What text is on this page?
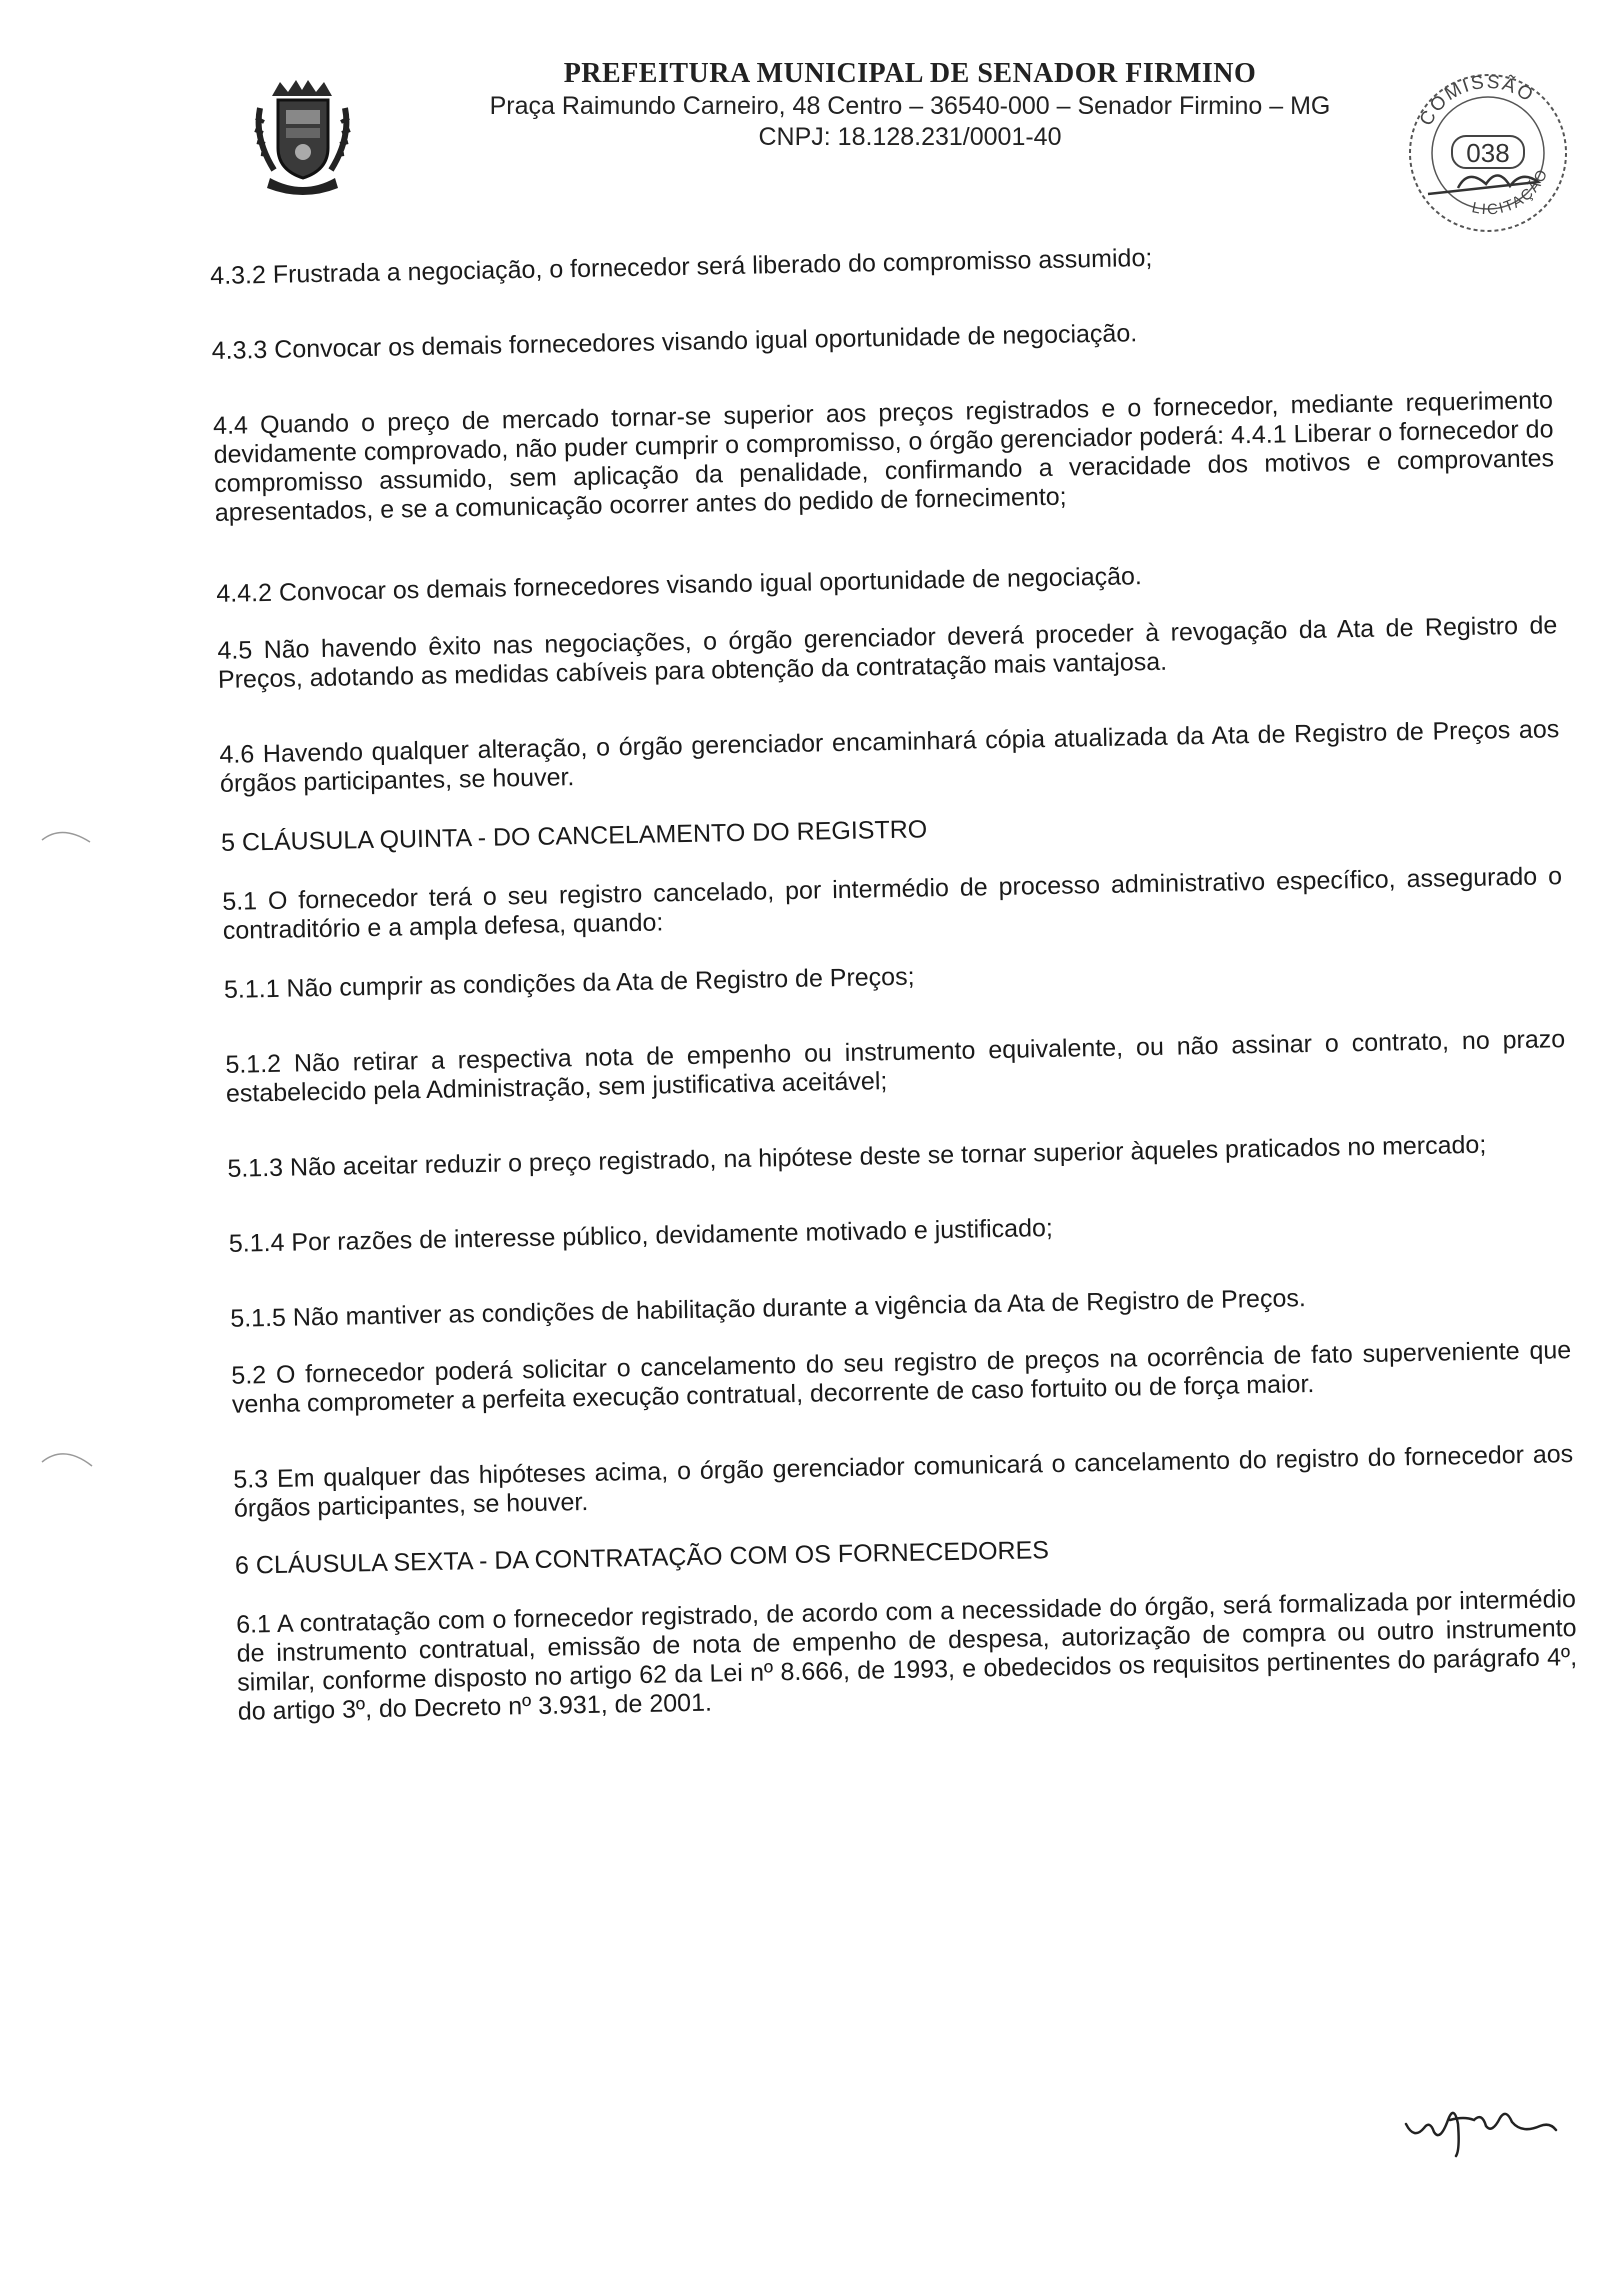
PREFEITURA MUNICIPAL DE SENADOR FIRMINO
Praça Raimundo Carneiro, 48 Centro – 36540-000 – Senador Firmino – MG
CNPJ: 18.128.231/0001-40
COMISSÃO
LICITAÇÃO
038

4.3.2 Frustrada a negociação, o fornecedor será liberado do compromisso assumido;

4.3.3 Convocar os demais fornecedores visando igual oportunidade de negociação.

4.4 Quando o preço de mercado tornar-se superior aos preços registrados e o fornecedor, mediante requerimento devidamente comprovado, não puder cumprir o compromisso, o órgão gerenciador poderá: 4.4.1 Liberar o fornecedor do compromisso assumido, sem aplicação da penalidade, confirmando a veracidade dos motivos e comprovantes apresentados, e se a comunicação ocorrer antes do pedido de fornecimento;

4.4.2 Convocar os demais fornecedores visando igual oportunidade de negociação.

4.5 Não havendo êxito nas negociações, o órgão gerenciador deverá proceder à revogação da Ata de Registro de Preços, adotando as medidas cabíveis para obtenção da contratação mais vantajosa.

4.6 Havendo qualquer alteração, o órgão gerenciador encaminhará cópia atualizada da Ata de Registro de Preços aos órgãos participantes, se houver.

5 CLÁUSULA QUINTA - DO CANCELAMENTO DO REGISTRO

5.1 O fornecedor terá o seu registro cancelado, por intermédio de processo administrativo específico, assegurado o contraditório e a ampla defesa, quando:

5.1.1 Não cumprir as condições da Ata de Registro de Preços;

5.1.2 Não retirar a respectiva nota de empenho ou instrumento equivalente, ou não assinar o contrato, no prazo estabelecido pela Administração, sem justificativa aceitável;

5.1.3 Não aceitar reduzir o preço registrado, na hipótese deste se tornar superior àqueles praticados no mercado;

5.1.4 Por razões de interesse público, devidamente motivado e justificado;

5.1.5 Não mantiver as condições de habilitação durante a vigência da Ata de Registro de Preços.

5.2 O fornecedor poderá solicitar o cancelamento do seu registro de preços na ocorrência de fato superveniente que venha comprometer a perfeita execução contratual, decorrente de caso fortuito ou de força maior.

5.3 Em qualquer das hipóteses acima, o órgão gerenciador comunicará o cancelamento do registro do fornecedor aos órgãos participantes, se houver.

6 CLÁUSULA SEXTA - DA CONTRATAÇÃO COM OS FORNECEDORES

6.1 A contratação com o fornecedor registrado, de acordo com a necessidade do órgão, será formalizada por intermédio de instrumento contratual, emissão de nota de empenho de despesa, autorização de compra ou outro instrumento similar, conforme disposto no artigo 62 da Lei nº 8.666, de 1993, e obedecidos os requisitos pertinentes do parágrafo 4º, do artigo 3º, do Decreto nº 3.931, de 2001.
